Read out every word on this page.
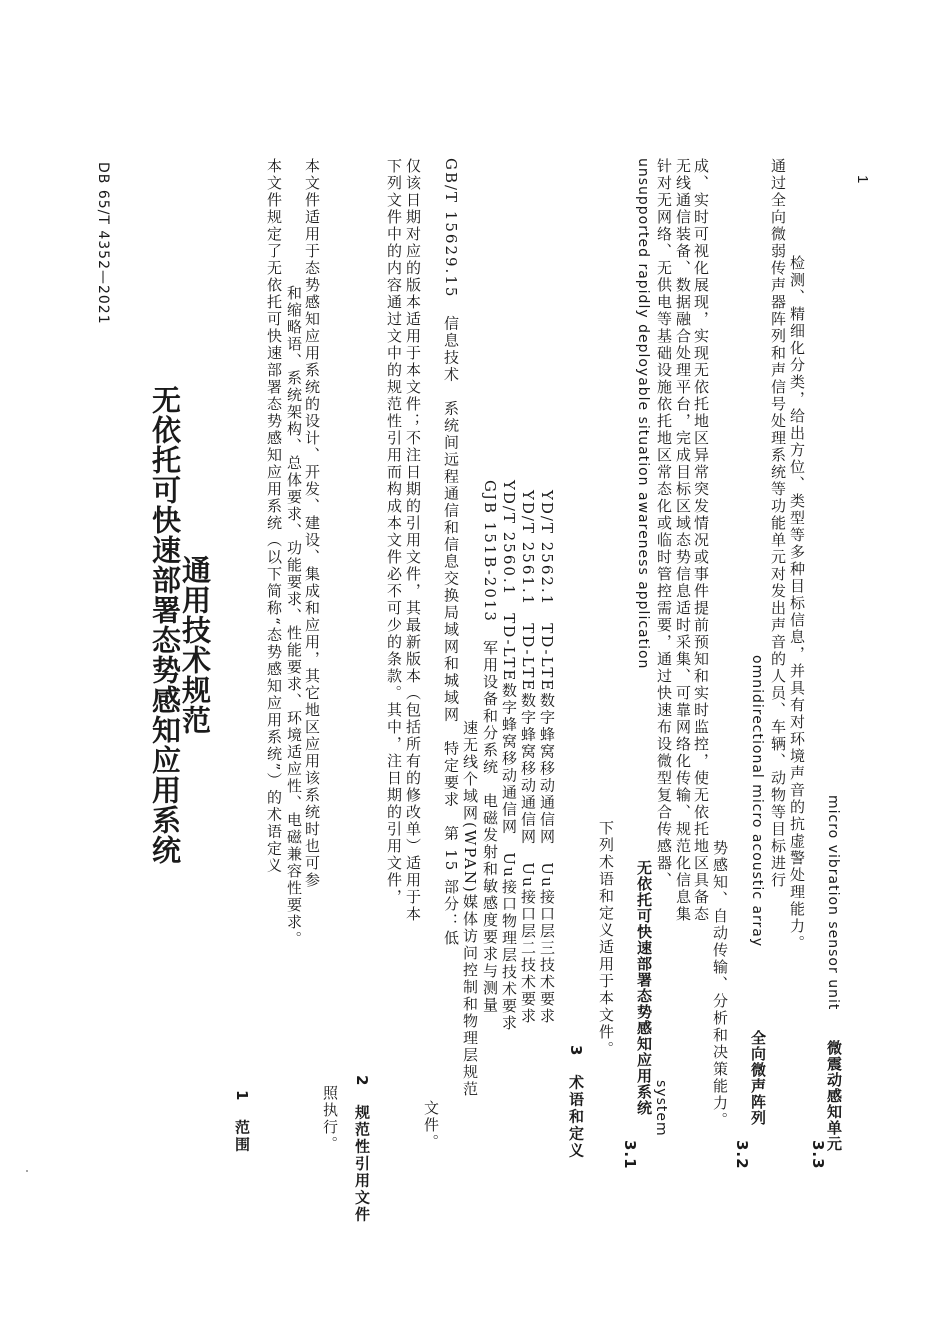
DB 65/T 4352—2021	1
无依托可快速部署态势感知应用系统
通用技术规范
1　范围
本文件规定了无依托可快速部署态势感知应用系统（以下简称“态势感知应用系统”）的术语定义 和缩略语、系统架构、总体要求、功能要求、性能要求、环境适应性、电磁兼容性要求。 本文件适用于态势感知应用系统的设计、开发、建设、集成和应用，其它地区应用该系统时也可参
照执行。 2　规范性引用文件
下列文件中的内容通过文中的规范性引用而构成本文件必不可少的条款。其中，注日期的引用文件， 仅该日期对应的版本适用于本文件；不注日期的引用文件，其最新版本（包括所有的修改单）适用于本
文件。
GB/T 15629.15　信息技术　系统间远程通信和信息交换局域网和城域网　特定要求　第 15 部分：低 速无线个域网(WPAN)媒体访问控制和物理层规范 GJB 151B-2013　军用设备和分系统　电磁发射和敏感度要求与测量 YD/T 2560.1　TD-LTE数字蜂窝移动通信网　Uu接口物理层技术要求 YD/T 2561.1　TD-LTE数字蜂窝移动通信网　Uu接口层二技术要求 YD/T 2562.1　TD-LTE数字蜂窝移动通信网　Uu接口层三技术要求
3　术语和定义
下列术语和定义适用于本文件。
3.1
无依托可快速部署态势感知应用系统
unsupported rapidly deployable situation awareness application
system
针对无网络、无供电等基础设施依托地区常态化或临时管控需要，通过快速布设微型复合传感器、 无线通信装备、数据融合处理平台，完成目标区域态势信息适时采集、可靠网络化传输、规范化信息集 成、实时可视化展现，实现无依托地区异常突发情况或事件提前预知和实时监控，使无依托地区具备态
势感知、自动传输、分析和决策能力。
3.2
全向微声阵列
omnidirectional micro acoustic array 通过全向微弱传声器阵列和声信号处理系统等功能单元对发出声音的人员、车辆、动物等目标进行 检测、精细化分类，给出方位、类型等多种目标信息，并具有对环境声音的抗虚警处理能力。
3.3
微震动感知单元
micro vibration sensor unit
